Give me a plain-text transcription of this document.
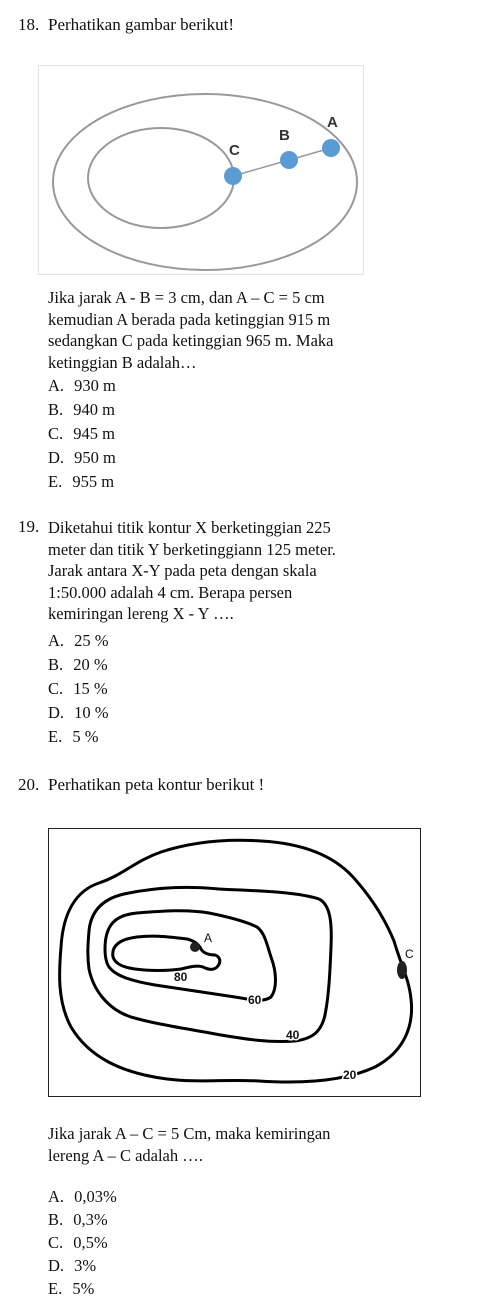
18. Perhatikan gambar berikut!
C
B
A
Jika jarak A - B = 3 cm, dan A – C = 5 cm
kemudian A berada pada ketinggian 915 m
sedangkan C pada ketinggian 965 m. Maka
ketinggian B adalah…
A. 930 m
B. 940 m
C. 945 m
D. 950 m
E. 955 m
19. Diketahui titik kontur X berketinggian 225
meter dan titik Y berketinggiann 125 meter.
Jarak antara X-Y pada peta dengan skala
1:50.000 adalah 4 cm. Berapa persen
kemiringan lereng X - Y ….
A. 25 %
B. 20 %
C. 15 %
D. 10 %
E. 5 %
20. Perhatikan peta kontur berikut !
A
C
80
60
40
20
Jika jarak A – C = 5 Cm, maka kemiringan
lereng A – C adalah ….
A. 0,03%
B. 0,3%
C. 0,5%
D. 3%
E. 5%
